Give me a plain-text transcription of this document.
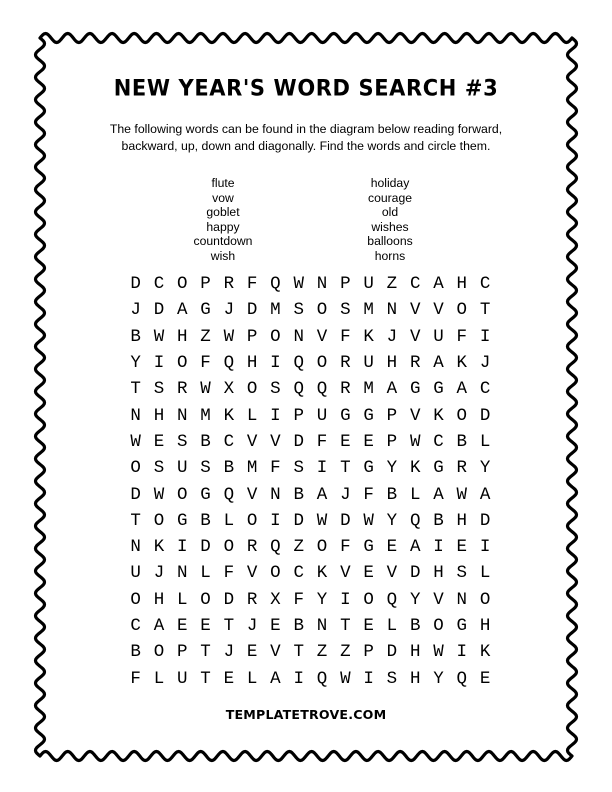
NEW YEAR'S WORD SEARCH #3

The following words can be found in the diagram below reading forward, backward, up, down and diagonally. Find the words and circle them.

flute
vow
goblet
happy
countdown
wish
holiday
courage
old
wishes
balloons
horns
D C O P R F Q W N P U Z C A H C
J D A G J D M S O S M N V V O T
B W H Z W P O N V F K J V U F I
Y I O F Q H I Q O R U H R A K J
T S R W X O S Q Q R M A G G A C
N H N M K L I P U G G P V K O D
W E S B C V V D F E E P W C B L
O S U S B M F S I T G Y K G R Y
D W O G Q V N B A J F B L A W A
T O G B L O I D W D W Y Q B H D
N K I D O R Q Z O F G E A I E I
U J N L F V O C K V E V D H S L
O H L O D R X F Y I O Q Y V N O
C A E E T J E B N T E L B O G H
B O P T J E V T Z Z P D H W I K
F L U T E L A I Q W I S H Y Q E

TEMPLATETROVE.COM
